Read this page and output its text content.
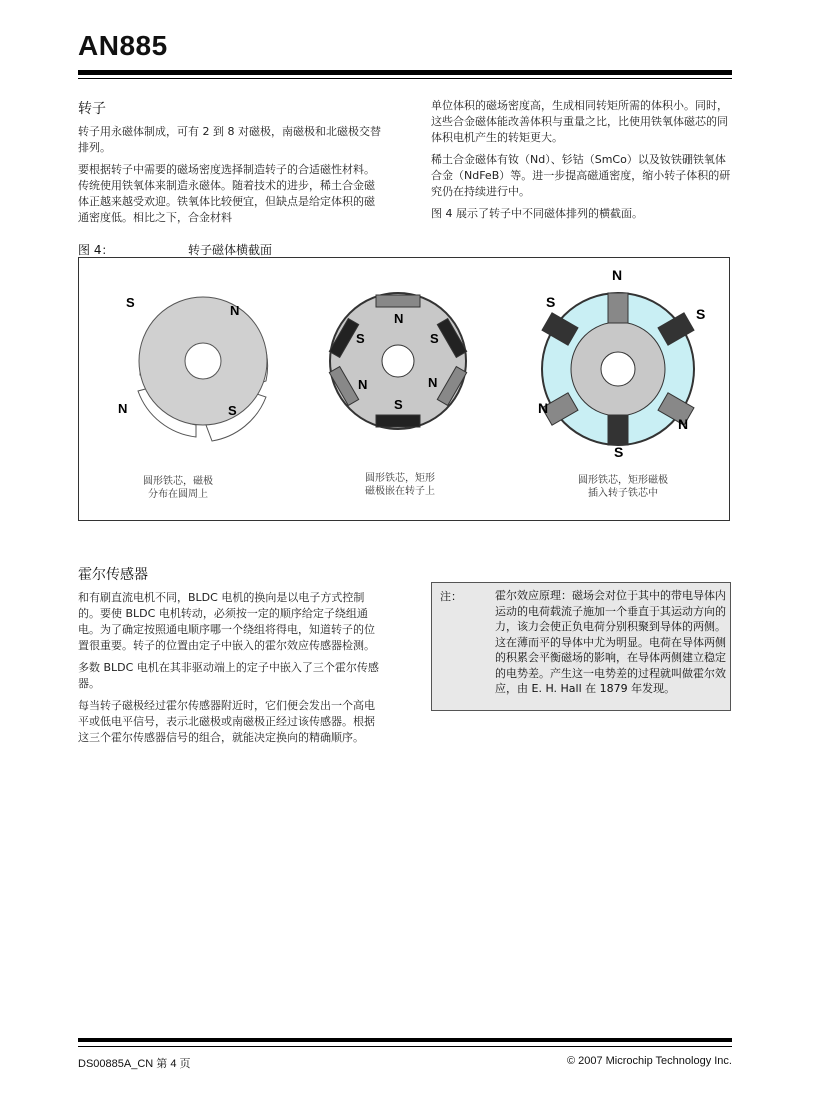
AN885
转子

转子用永磁体制成，可有 2 到 8 对磁极，南磁极和北磁极交替排列。

要根据转子中需要的磁场密度选择制造转子的合适磁性材料。传统使用铁氧体来制造永磁体。随着技术的进步，稀土合金磁体正越来越受欢迎。铁氧体比较便宜，但缺点是给定体积的磁通密度低。相比之下，合金材料

单位体积的磁场密度高，生成相同转矩所需的体积小。同时，这些合金磁体能改善体积与重量之比，比使用铁氧体磁芯的同体积电机产生的转矩更大。

稀土合金磁体有钕（Nd）、钐钴（SmCo）以及钕铁硼铁氧体合金（NdFeB）等。进一步提高磁通密度，缩小转子体积的研究仍在持续进行中。

图 4 展示了转子中不同磁体排列的横截面。

图 4：	转子磁体横截面
S
N
N	S
N
S	S
N	N
S
N
S
S
N
N
S
圆形铁芯，磁极
分布在圆周上
圆形铁芯，矩形
磁极嵌在转子上
圆形铁芯，矩形磁极
插入转子铁芯中
霍尔传感器

和有刷直流电机不同，BLDC 电机的换向是以电子方式控制的。要使 BLDC 电机转动，必须按一定的顺序给定子绕组通电。为了确定按照通电顺序哪一个绕组将得电，知道转子的位置很重要。转子的位置由定子中嵌入的霍尔效应传感器检测。

多数 BLDC 电机在其非驱动端上的定子中嵌入了三个霍尔传感器。

每当转子磁极经过霍尔传感器附近时，它们便会发出一个高电平或低电平信号，表示北磁极或南磁极正经过该传感器。根据这三个霍尔传感器信号的组合，就能决定换向的精确顺序。

注：	霍尔效应原理：磁场会对位于其中的带电导体内运动的电荷载流子施加一个垂直于其运动方向的力，该力会使正负电荷分别积聚到导体的两侧。这在薄而平的导体中尤为明显。电荷在导体两侧的积累会平衡磁场的影响，在导体两侧建立稳定的电势差。产生这一电势差的过程就叫做霍尔效应，由 E. H. Hall 在 1879 年发现。
DS00885A_CN 第 4 页	© 2007 Microchip Technology Inc.
